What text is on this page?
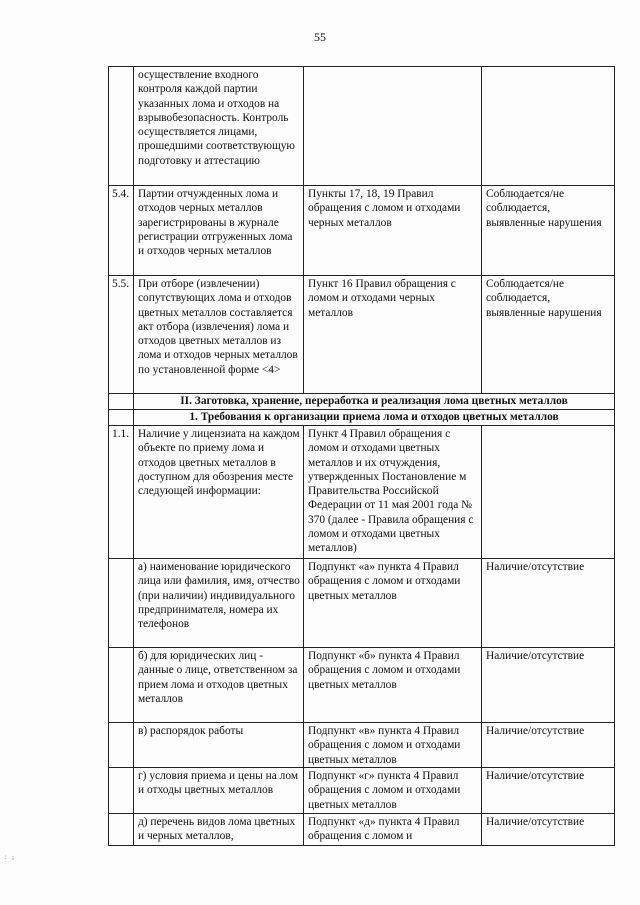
55
	осуществление входного контроля каждой партии указанных лома и отходов на взрывобезопасность. Контроль осуществляется лицами, прошедшими соответствующую подготовку и аттестацию		
5.4.	Партии отчужденных лома и отходов черных металлов зарегистрированы в журнале регистрации отгруженных лома и отходов черных металлов	Пункты 17, 18, 19 Правил обращения с ломом и отходами черных металлов	Соблюдается/не соблюдается, выявленные нарушения
5.5.	При отборе (извлечении) сопутствующих лома и отходов цветных металлов составляется акт отбора (извлечения) лома и отходов цветных металлов из лома и отходов черных металлов по установленной форме <4>	Пункт 16 Правил обращения с ломом и отходами черных металлов	Соблюдается/не соблюдается, выявленные нарушения
	II. Заготовка, хранение, переработка и реализация лома цветных металлов		
	1. Требования к организации приема лома и отходов цветных металлов		
1.1.	Наличие у лицензиата на каждом объекте по приему лома и отходов цветных металлов в доступном для обозрения месте следующей информации:	Пункт 4 Правил обращения с ломом и отходами цветных металлов и их отчуждения, утвержденных Постановление м Правительства Российской Федерации от 11 мая 2001 года № 370 (далее - Правила обращения с ломом и отходами цветных металлов)	
	а) наименование юридического лица или фамилия, имя, отчество (при наличии) индивидуального предпринимателя, номера их телефонов	Подпункт «а» пункта 4 Правил обращения с ломом и отходами цветных металлов	Наличие/отсутствие
	б) для юридических лиц - данные о лице, ответственном за прием лома и отходов цветных металлов	Подпункт «б» пункта 4 Правил обращения с ломом и отходами цветных металлов	Наличие/отсутствие
	в) распорядок работы	Подпункт «в» пункта 4 Правил обращения с ломом и отходами цветных металлов	Наличие/отсутствие
	г) условия приема и цены на лом и отходы цветных металлов	Подпункт «г» пункта 4 Правил обращения с ломом и отходами цветных металлов	Наличие/отсутствие
	д) перечень видов лома цветных и черных металлов,	Подпункт «д» пункта 4 Правил обращения с ломом и	Наличие/отсутствие
: ;
